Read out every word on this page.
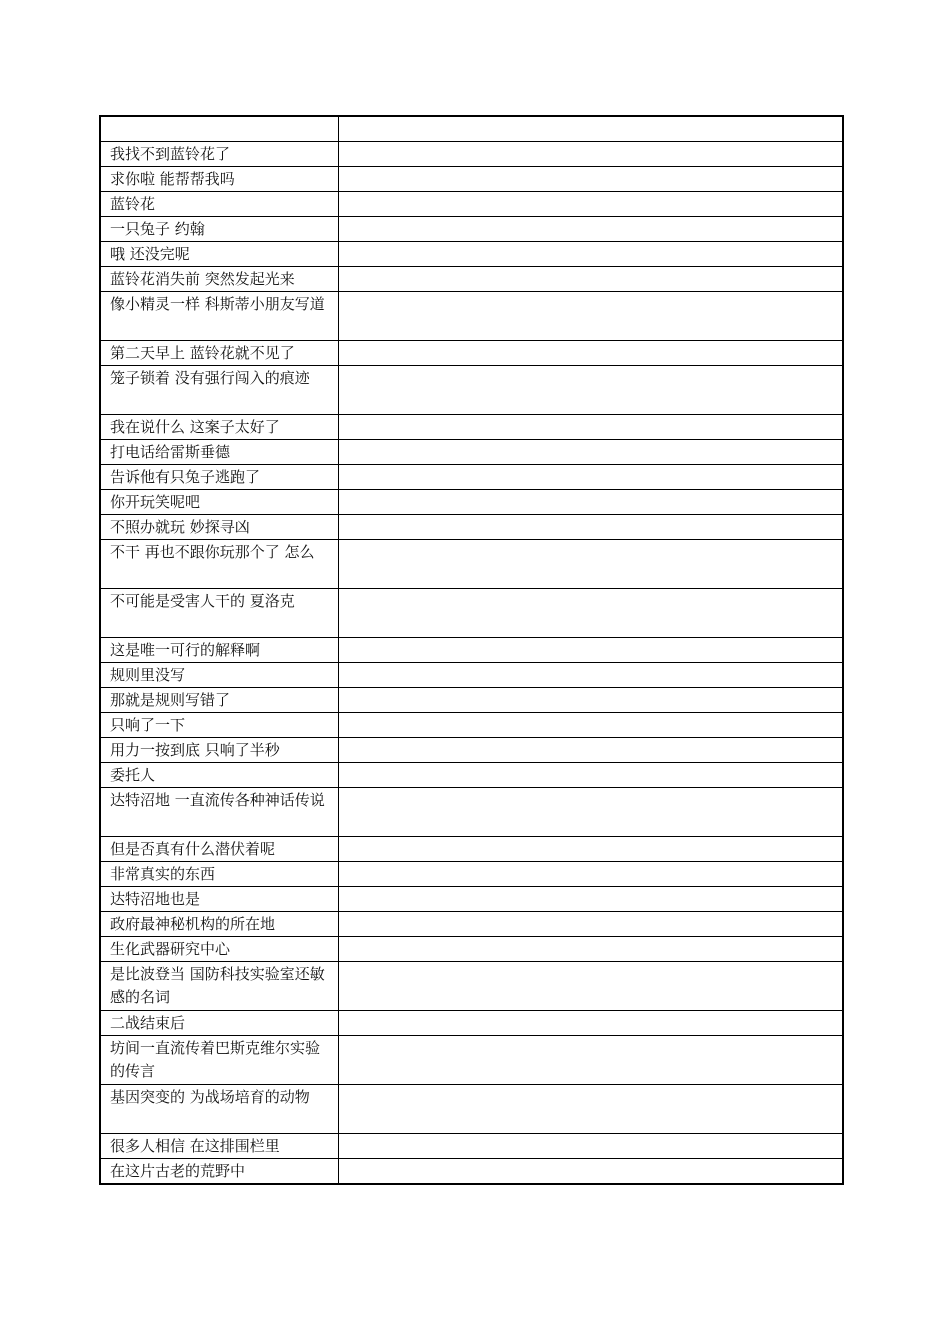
我找不到蓝铃花了	
求你啦 能帮帮我吗	
蓝铃花	
一只兔子 约翰	
哦 还没完呢	
蓝铃花消失前 突然发起光来	
像小精灵一样 科斯蒂小朋友写道	
第二天早上 蓝铃花就不见了	
笼子锁着 没有强行闯入的痕迹	
我在说什么 这案子太好了	
打电话给雷斯垂德	
告诉他有只兔子逃跑了	
你开玩笑呢吧	
不照办就玩 妙探寻凶	
不干 再也不跟你玩那个了 怎么	
不可能是受害人干的 夏洛克	
这是唯一可行的解释啊	
规则里没写	
那就是规则写错了	
只响了一下	
用力一按到底 只响了半秒	
委托人	
达特沼地 一直流传各种神话传说	
但是否真有什么潜伏着呢	
非常真实的东西	
达特沼地也是	
政府最神秘机构的所在地	
生化武器研究中心	
是比波登当 国防科技实验室还敏感的名词	
二战结束后	
坊间一直流传着巴斯克维尔实验的传言	
基因突变的 为战场培育的动物	
很多人相信 在这排围栏里	
在这片古老的荒野中	
